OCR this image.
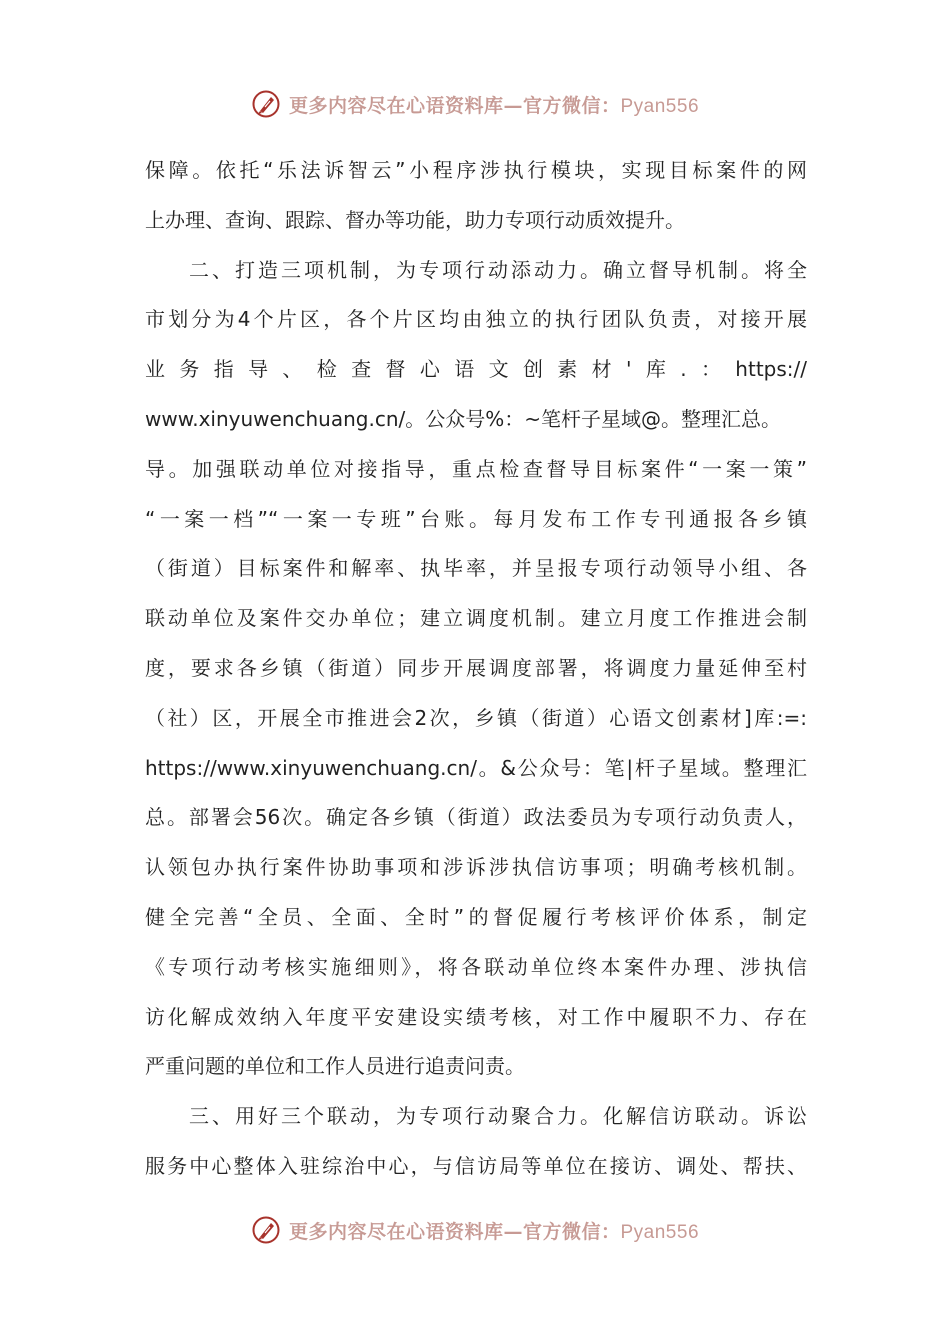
更多内容尽在心语资料库—官方微信：Pyan556
保障。依托“乐法诉智云”小程序涉执行模块，实现目标案件的网
上办理、查询、跟踪、督办等功能，助力专项行动质效提升。
二、打造三项机制，为专项行动添动力。确立督导机制。将全
市划分为4个片区，各个片区均由独立的执行团队负责，对接开展
业务指导、检查督心语文创素材'库.：https://
www.xinyuwenchuang.cn/。公众号%：~笔杆子星域@。整理汇总。
导。加强联动单位对接指导，重点检查督导目标案件“一案一策”
“一案一档”“一案一专班”台账。每月发布工作专刊通报各乡镇
（街道）目标案件和解率、执毕率，并呈报专项行动领导小组、各
联动单位及案件交办单位；建立调度机制。建立月度工作推进会制
度，要求各乡镇（街道）同步开展调度部署，将调度力量延伸至村
（社）区，开展全市推进会2次，乡镇（街道）心语文创素材]库:=:
https://www.xinyuwenchuang.cn/。&公众号：笔|杆子星域。整理汇
总。部署会56次。确定各乡镇（街道）政法委员为专项行动负责人，
认领包办执行案件协助事项和涉诉涉执信访事项；明确考核机制。
健全完善“全员、全面、全时”的督促履行考核评价体系，制定
《专项行动考核实施细则》，将各联动单位终本案件办理、涉执信
访化解成效纳入年度平安建设实绩考核，对工作中履职不力、存在
严重问题的单位和工作人员进行追责问责。
三、用好三个联动，为专项行动聚合力。化解信访联动。诉讼
服务中心整体入驻综治中心，与信访局等单位在接访、调处、帮扶、
更多内容尽在心语资料库—官方微信：Pyan556
